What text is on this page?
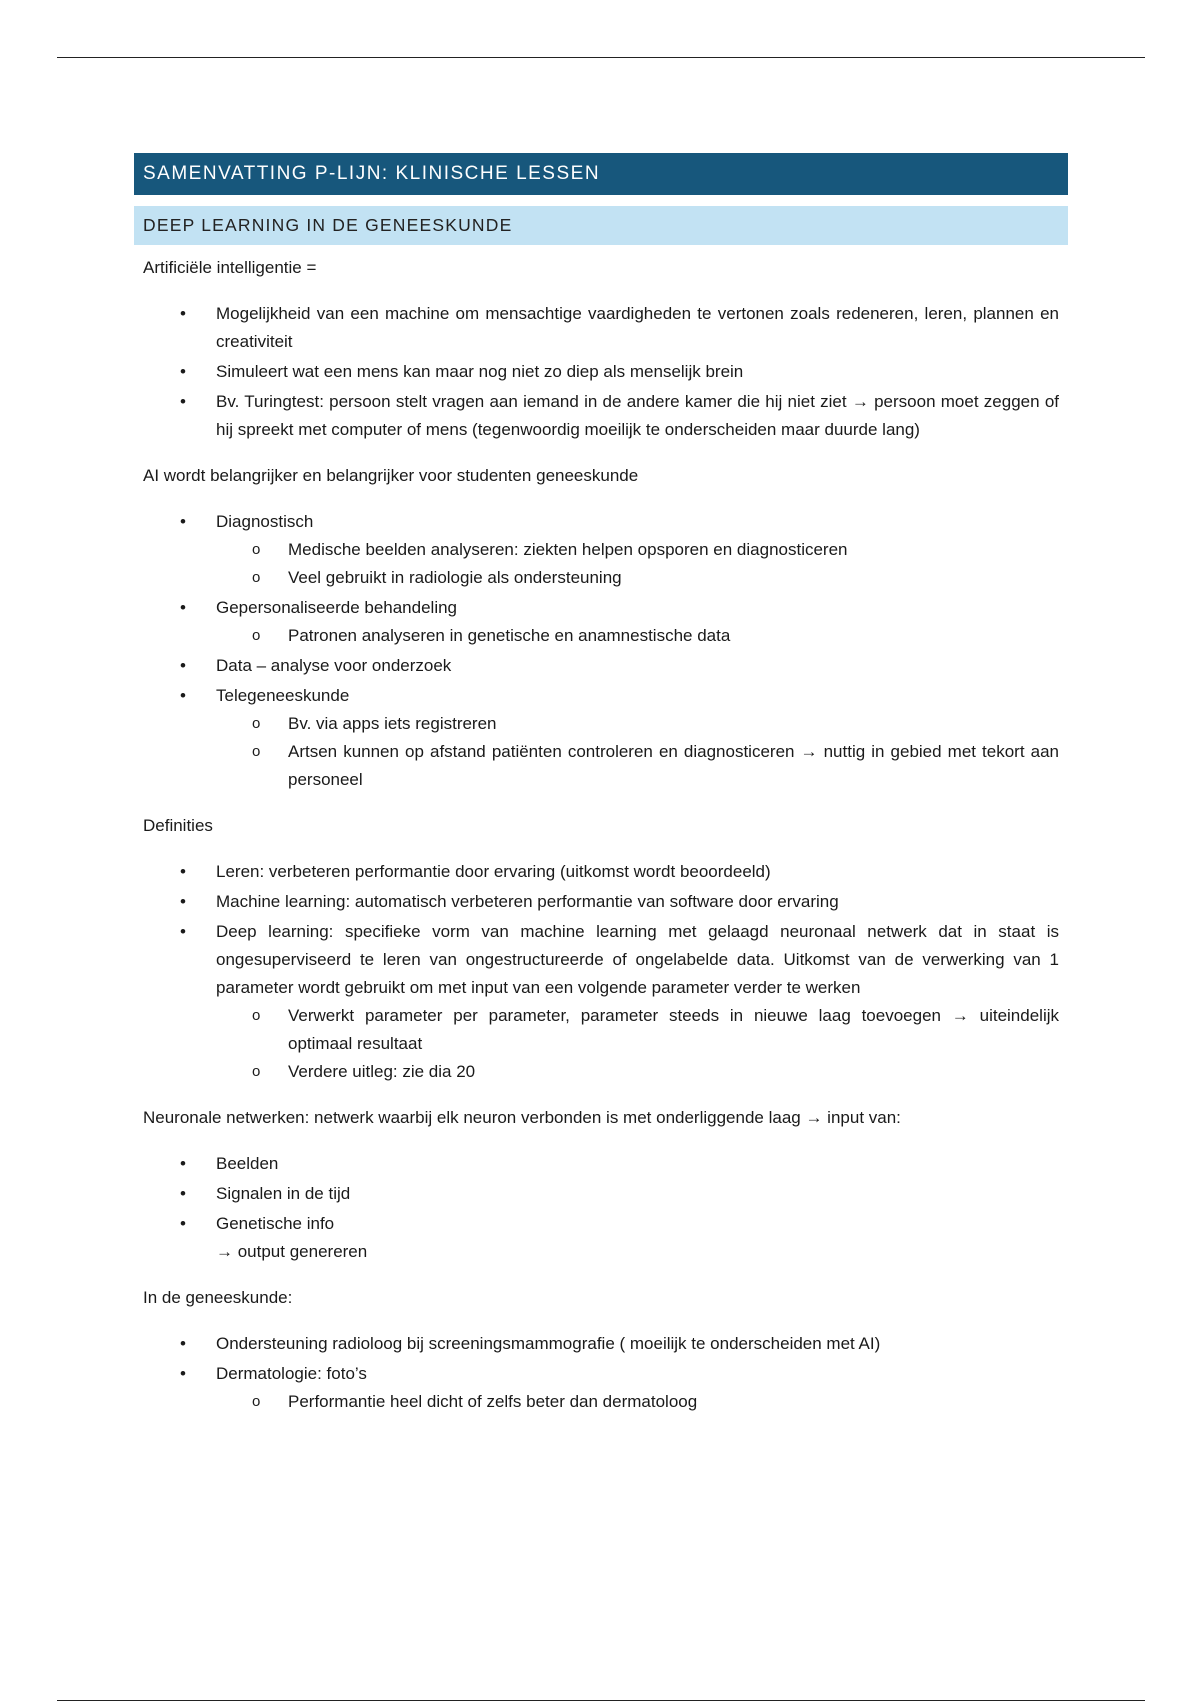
SAMENVATTING P-LIJN: KLINISCHE LESSEN
DEEP LEARNING IN DE GENEESKUNDE
Artificiële intelligentie =
• Mogelijkheid van een machine om mensachtige vaardigheden te vertonen zoals redeneren, leren, plannen en creativiteit
• Simuleert wat een mens kan maar nog niet zo diep als menselijk brein
• Bv. Turingtest: persoon stelt vragen aan iemand in de andere kamer die hij niet ziet → persoon moet zeggen of hij spreekt met computer of mens (tegenwoordig moeilijk te onderscheiden maar duurde lang)
AI wordt belangrijker en belangrijker voor studenten geneeskunde
• Diagnostisch
o Medische beelden analyseren: ziekten helpen opsporen en diagnosticeren
o Veel gebruikt in radiologie als ondersteuning
• Gepersonaliseerde behandeling
o Patronen analyseren in genetische en anamnestische data
• Data – analyse voor onderzoek
• Telegeneeskunde
o Bv. via apps iets registreren
o Artsen kunnen op afstand patiënten controleren en diagnosticeren → nuttig in gebied met tekort aan personeel
Definities
• Leren: verbeteren performantie door ervaring (uitkomst wordt beoordeeld)
• Machine learning: automatisch verbeteren performantie van software door ervaring
• Deep learning: specifieke vorm van machine learning met gelaagd neuronaal netwerk dat in staat is ongesuperviseerd te leren van ongestructureerde of ongelabelde data. Uitkomst van de verwerking van 1 parameter wordt gebruikt om met input van een volgende parameter verder te werken
o Verwerkt parameter per parameter, parameter steeds in nieuwe laag toevoegen → uiteindelijk optimaal resultaat
o Verdere uitleg: zie dia 20
Neuronale netwerken: netwerk waarbij elk neuron verbonden is met onderliggende laag → input van:
• Beelden
• Signalen in de tijd
• Genetische info
→ output genereren
In de geneeskunde:
• Ondersteuning radioloog bij screeningsmammografie ( moeilijk te onderscheiden met AI)
• Dermatologie: foto’s
o Performantie heel dicht of zelfs beter dan dermatoloog
